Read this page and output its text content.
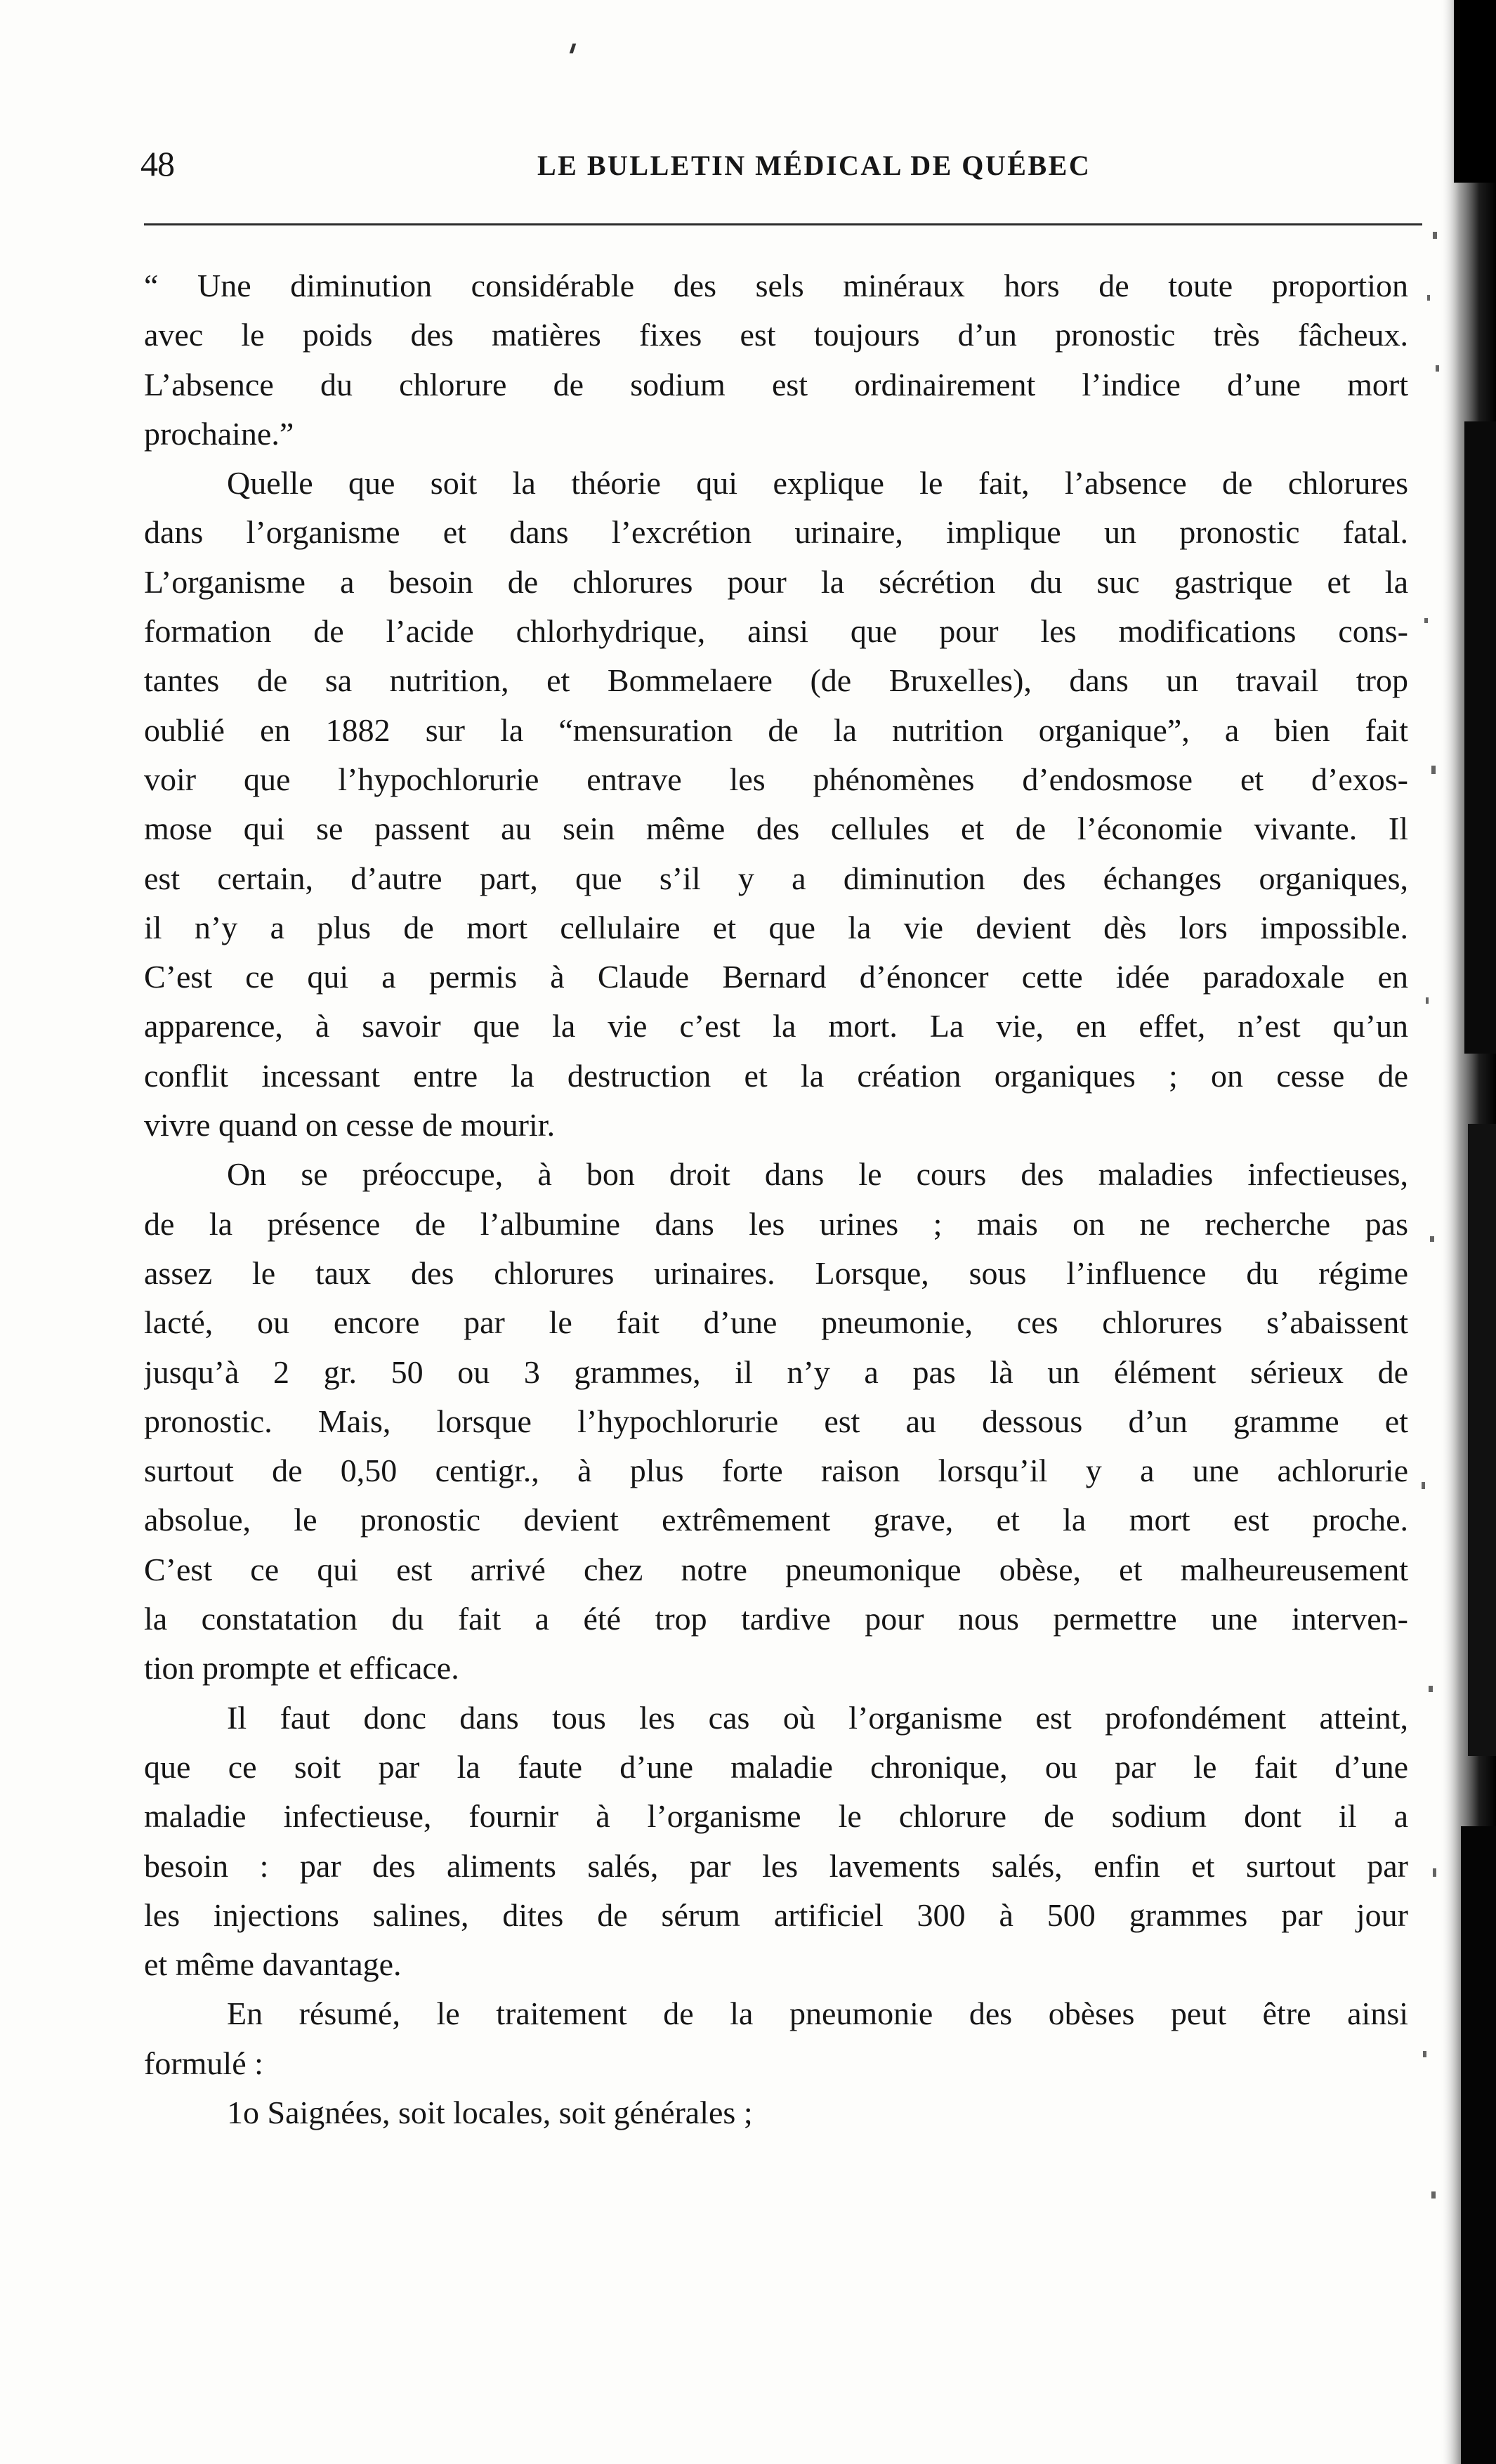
48	LE BULLETIN MÉDICAL DE QUÉBEC
“ Une diminution considérable des sels minéraux hors de toute proportion
avec le poids des matières fixes est toujours d’un pronostic très fâcheux.
L’absence du chlorure de sodium est ordinairement l’indice d’une mort
prochaine.”
Quelle que soit la théorie qui explique le fait, l’absence de chlorures
dans l’organisme et dans l’excrétion urinaire, implique un pronostic fatal.
L’organisme a besoin de chlorures pour la sécrétion du suc gastrique et la
formation de l’acide chlorhydrique, ainsi que pour les modifications cons-
tantes de sa nutrition, et Bommelaere (de Bruxelles), dans un travail trop
oublié en 1882 sur la “mensuration de la nutrition organique”, a bien fait
voir que l’hypochlorurie entrave les phénomènes d’endosmose et d’exos-
mose qui se passent au sein même des cellules et de l’économie vivante. Il
est certain, d’autre part, que s’il y a diminution des échanges organiques,
il n’y a plus de mort cellulaire et que la vie devient dès lors impossible.
C’est ce qui a permis à Claude Bernard d’énoncer cette idée paradoxale en
apparence, à savoir que la vie c’est la mort. La vie, en effet, n’est qu’un
conflit incessant entre la destruction et la création organiques ; on cesse de
vivre quand on cesse de mourir.
On se préoccupe, à bon droit dans le cours des maladies infectieuses,
de la présence de l’albumine dans les urines ; mais on ne recherche pas
assez le taux des chlorures urinaires. Lorsque, sous l’influence du régime
lacté, ou encore par le fait d’une pneumonie, ces chlorures s’abaissent
jusqu’à 2 gr. 50 ou 3 grammes, il n’y a pas là un élément sérieux de
pronostic. Mais, lorsque l’hypochlorurie est au dessous d’un gramme et
surtout de 0,50 centigr., à plus forte raison lorsqu’il y a une achlorurie
absolue, le pronostic devient extrêmement grave, et la mort est proche.
C’est ce qui est arrivé chez notre pneumonique obèse, et malheureusement
la constatation du fait a été trop tardive pour nous permettre une interven-
tion prompte et efficace.
Il faut donc dans tous les cas où l’organisme est profondément atteint,
que ce soit par la faute d’une maladie chronique, ou par le fait d’une
maladie infectieuse, fournir à l’organisme le chlorure de sodium dont il a
besoin : par des aliments salés, par les lavements salés, enfin et surtout par
les injections salines, dites de sérum artificiel 300 à 500 grammes par jour
et même davantage.
En résumé, le traitement de la pneumonie des obèses peut être ainsi
formulé :
1o Saignées, soit locales, soit générales ;
